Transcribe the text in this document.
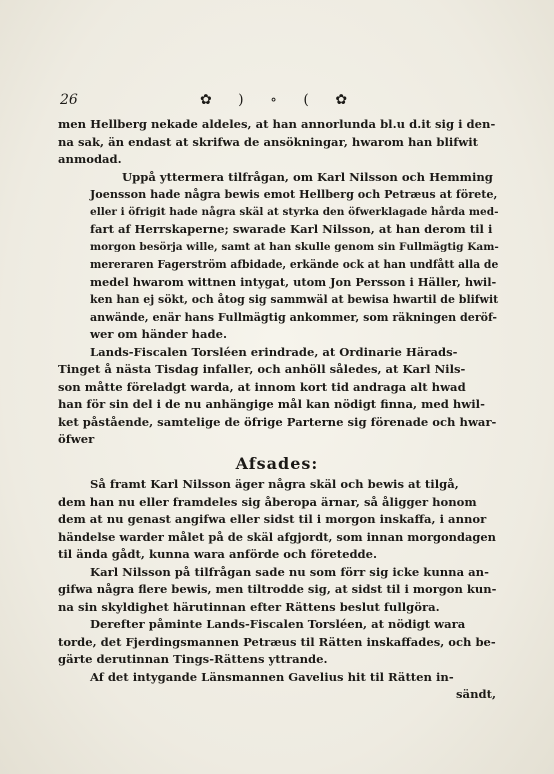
26	✿ ) ∘ ( ✿

men Hellberg nekade aldeles, at han annorlunda bl.u d.it sig i den-
na sak, än endast at skrifwa de ansökningar, hwarom han blifwit
anmodad.

Uppå yttermera tilfrågan, om Karl Nilsson och Hemming
Joensson hade några bewis emot Hellberg och Petræus at förete,
eller i öfrigit hade några skäl at styrka den öfwerklagade hårda med-
fart af Herrskaperne; swarade Karl Nilsson, at han derom til i
morgon besörja wille, samt at han skulle genom sin Fullmägtig Kam-
mereraren Fagerström afbidade, erkände ock at han undfått alla de
medel hwarom wittnen intygat, utom Jon Persson i Häller, hwil-
ken han ej sökt, och åtog sig sammwäl at bewisa hwartil de blifwit
anwände, enär hans Fullmägtig ankommer, som räkningen deröf-
wer om händer hade.

Lands-Fiscalen Torsléen erindrade, at Ordinarie Härads-
Tinget å nästa Tisdag infaller, och anhöll således, at Karl Nils-
son måtte föreladgt warda, at innom kort tid andraga alt hwad
han för sin del i de nu anhängige mål kan nödigt finna, med hwil-
ket påstående, samtelige de öfrige Parterne sig förenade och hwar-
öfwer

Afsades:

Så framt Karl Nilsson äger några skäl och bewis at tilgå,
dem han nu eller framdeles sig åberopa ärnar, så åligger honom
dem at nu genast angifwa eller sidst til i morgon inskaffa, i annor
händelse warder målet på de skäl afgjordt, som innan morgondagen
til ända gådt, kunna wara anförde och företedde.

Karl Nilsson på tilfrågan sade nu som förr sig icke kunna an-
gifwa några flere bewis, men tiltrodde sig, at sidst til i morgon kun-
na sin skyldighet härutinnan efter Rättens beslut fullgöra.

Derefter påminte Lands-Fiscalen Torsléen, at nödigt wara
torde, det Fjerdingsmannen Petræus til Rätten inskaffades, och be-
gärte derutinnan Tings-Rättens yttrande.

Af det intygande Länsmannen Gavelius hit til Rätten in-
sändt,
